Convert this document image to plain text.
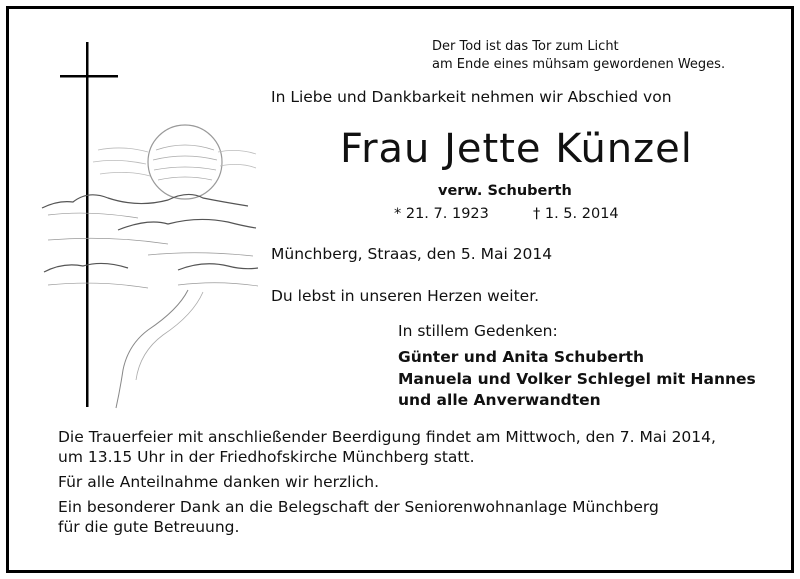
Der Tod ist das Tor zum Licht
am Ende eines mühsam gewordenen Weges.
In Liebe und Dankbarkeit nehmen wir Abschied von
Frau Jette Künzel
verw. Schuberth
* 21. 7. 1923	† 1. 5. 2014
Münchberg, Straas, den 5. Mai 2014
Du lebst in unseren Herzen weiter.
In stillem Gedenken:
Günter und Anita Schuberth
Manuela und Volker Schlegel mit Hannes
und alle Anverwandten
Die Trauerfeier mit anschließender Beerdigung findet am Mittwoch, den 7. Mai 2014,
um 13.15 Uhr in der Friedhofskirche Münchberg statt.
Für alle Anteilnahme danken wir herzlich.
Ein besonderer Dank an die Belegschaft der Seniorenwohnanlage Münchberg
für die gute Betreuung.
